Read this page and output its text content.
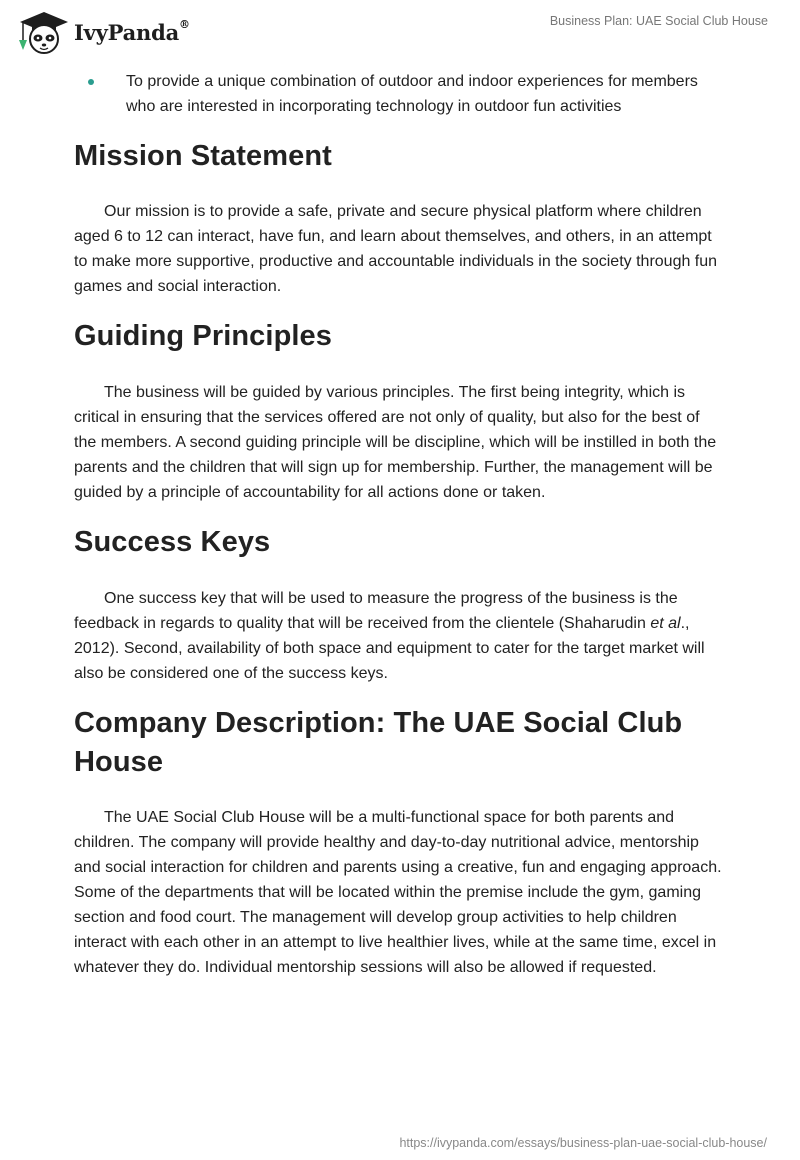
IvyPanda®	Business Plan: UAE Social Club House
To provide a unique combination of outdoor and indoor experiences for members who are interested in incorporating technology in outdoor fun activities
Mission Statement

Our mission is to provide a safe, private and secure physical platform where children aged 6 to 12 can interact, have fun, and learn about themselves, and others, in an attempt to make more supportive, productive and accountable individuals in the society through fun games and social interaction.

Guiding Principles

The business will be guided by various principles. The first being integrity, which is critical in ensuring that the services offered are not only of quality, but also for the best of the members. A second guiding principle will be discipline, which will be instilled in both the parents and the children that will sign up for membership. Further, the management will be guided by a principle of accountability for all actions done or taken.

Success Keys

One success key that will be used to measure the progress of the business is the feedback in regards to quality that will be received from the clientele (Shaharudin et al., 2012). Second, availability of both space and equipment to cater for the target market will also be considered one of the success keys.

Company Description: The UAE Social Club House

The UAE Social Club House will be a multi-functional space for both parents and children. The company will provide healthy and day-to-day nutritional advice, mentorship and social interaction for children and parents using a creative, fun and engaging approach. Some of the departments that will be located within the premise include the gym, gaming section and food court. The management will develop group activities to help children interact with each other in an attempt to live healthier lives, while at the same time, excel in whatever they do. Individual mentorship sessions will also be allowed if requested.

https://ivypanda.com/essays/business-plan-uae-social-club-house/
